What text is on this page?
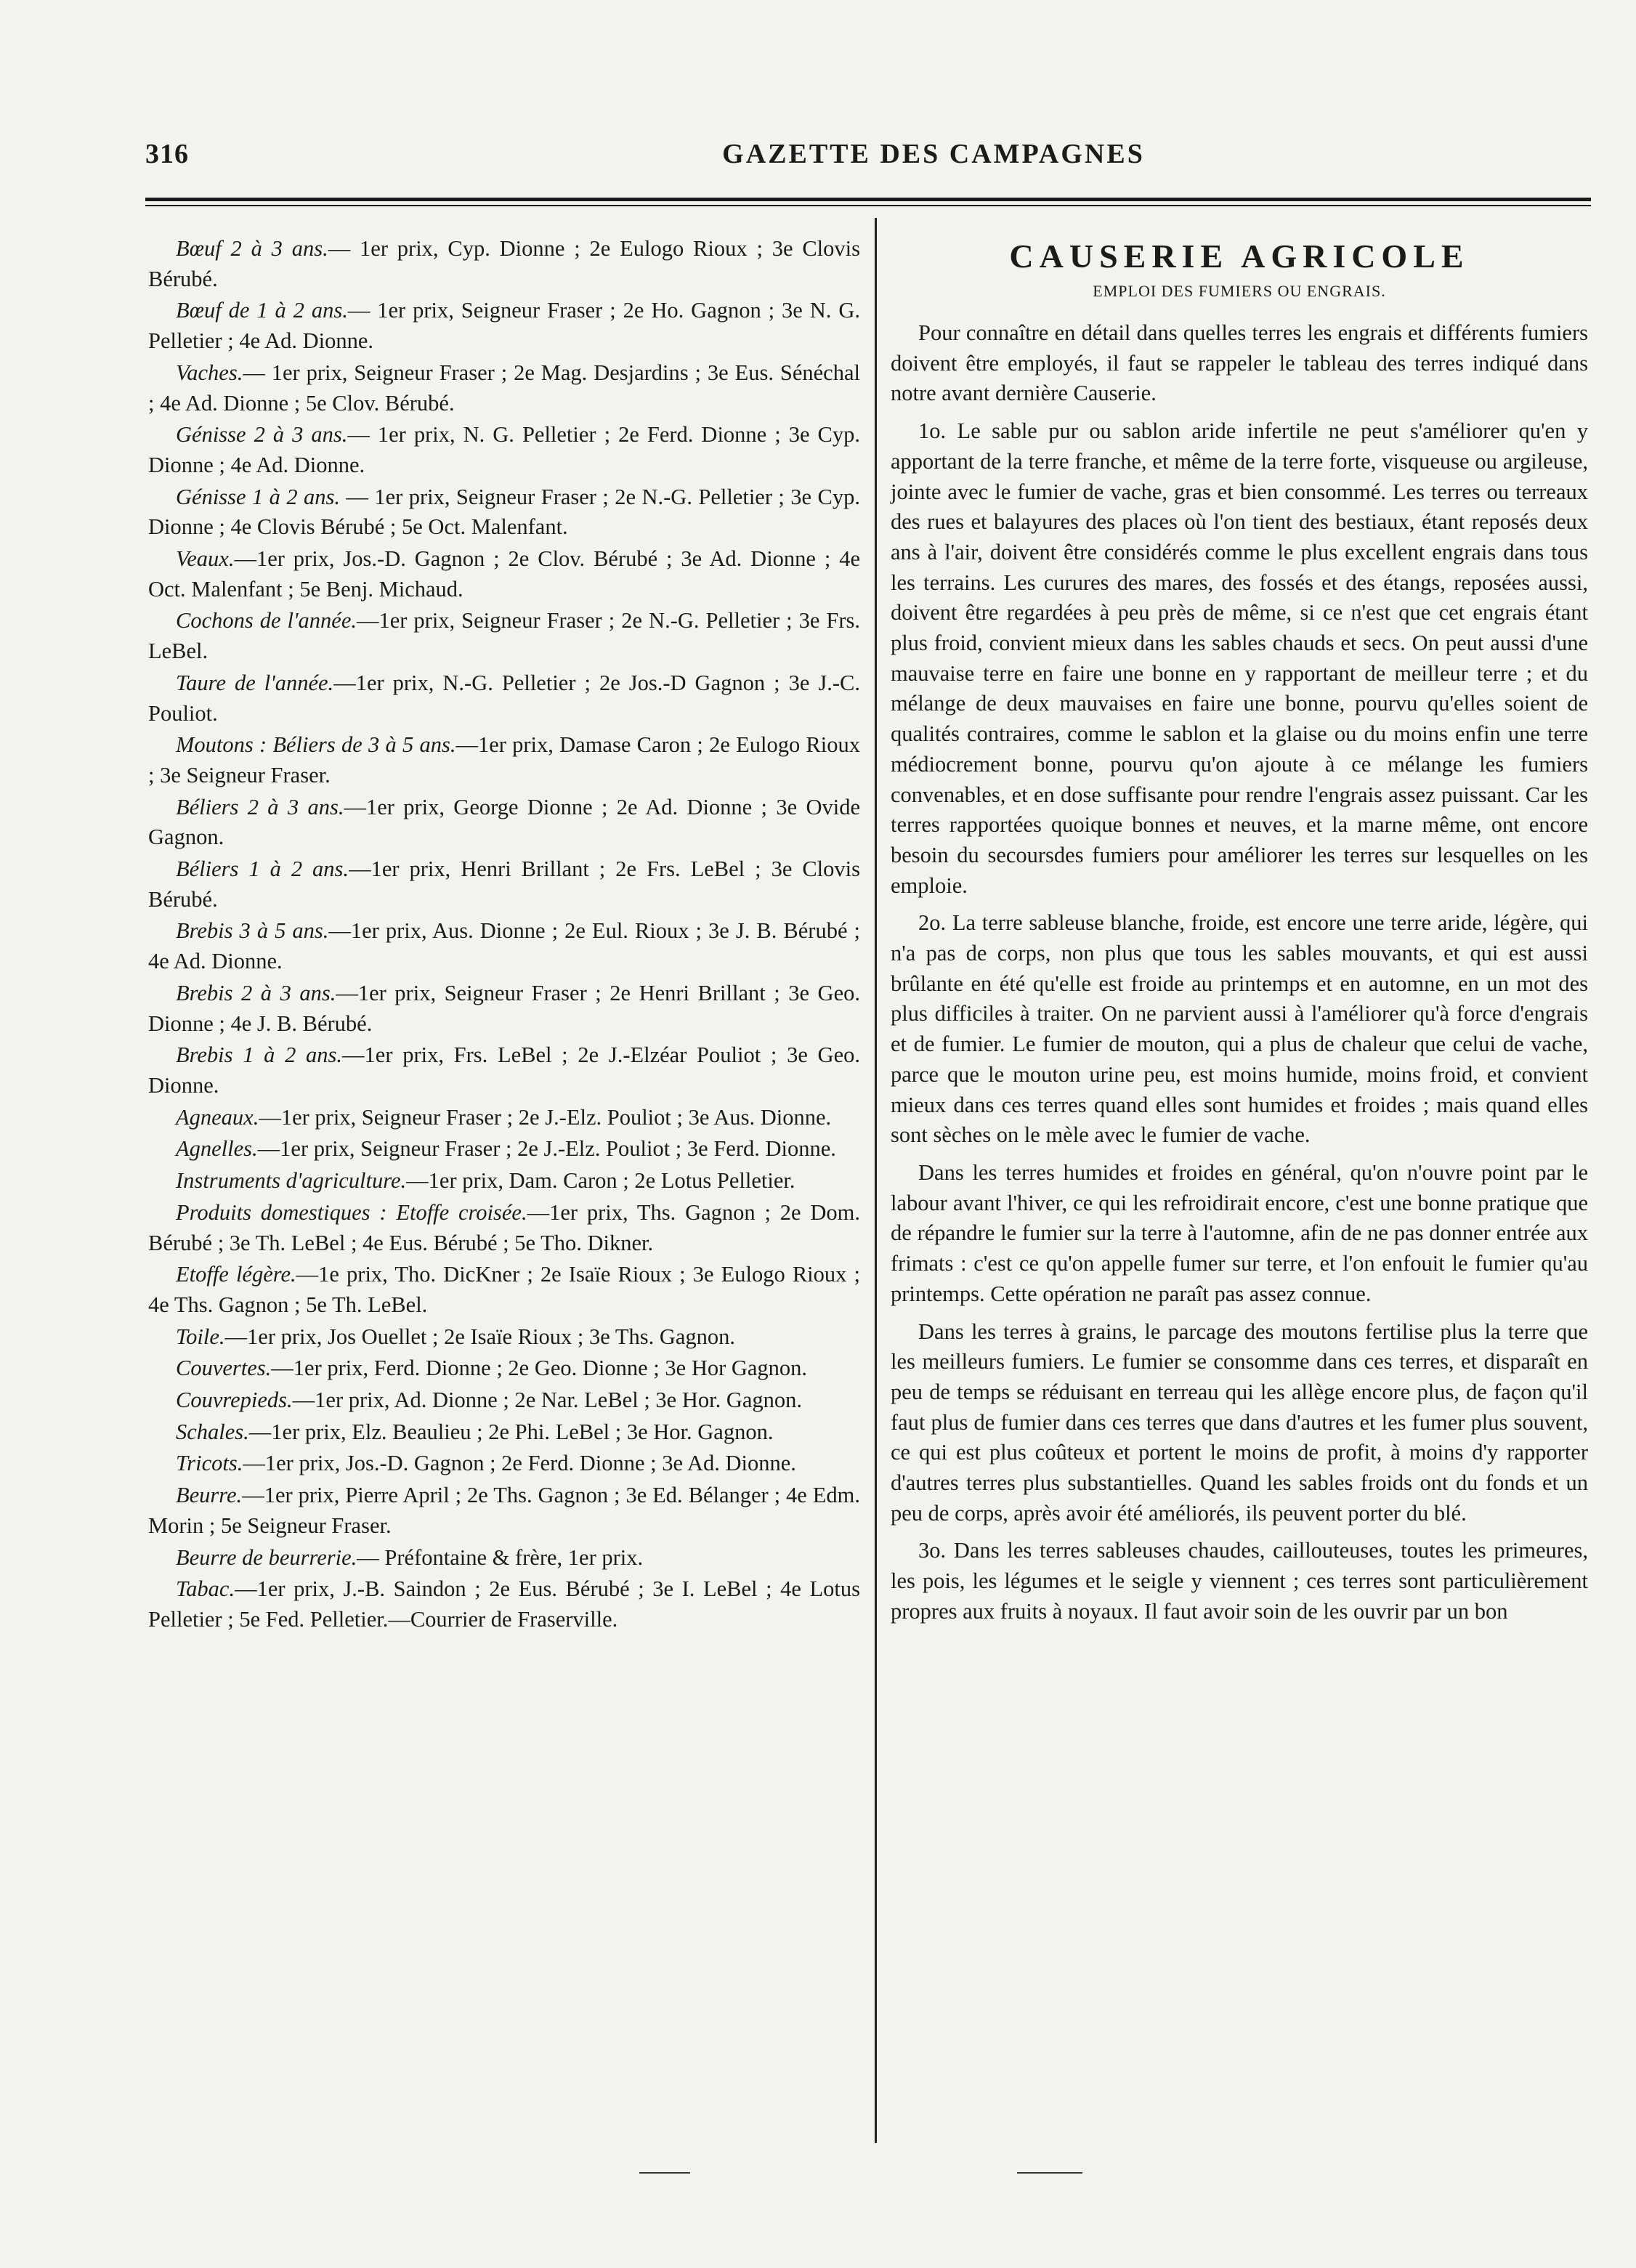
316	GAZETTE DES CAMPAGNES

Bœuf 2 à 3 ans.— 1er prix, Cyp. Dionne ; 2e Eulogo Rioux ; 3e Clovis Bérubé.

Bœuf de 1 à 2 ans.— 1er prix, Seigneur Fraser ; 2e Ho. Gagnon ; 3e N. G. Pelletier ; 4e Ad. Dionne.

Vaches.— 1er prix, Seigneur Fraser ; 2e Mag. Desjardins ; 3e Eus. Sénéchal ; 4e Ad. Dionne ; 5e Clov. Bérubé.

Génisse 2 à 3 ans.— 1er prix, N. G. Pelletier ; 2e Ferd. Dionne ; 3e Cyp. Dionne ; 4e Ad. Dionne.

Génisse 1 à 2 ans. — 1er prix, Seigneur Fraser ; 2e N.-G. Pelletier ; 3e Cyp. Dionne ; 4e Clovis Bérubé ; 5e Oct. Malenfant.

Veaux.—1er prix, Jos.-D. Gagnon ; 2e Clov. Bérubé ; 3e Ad. Dionne ; 4e Oct. Malenfant ; 5e Benj. Michaud.

Cochons de l'année.—1er prix, Seigneur Fraser ; 2e N.-G. Pelletier ; 3e Frs. LeBel.

Taure de l'année.—1er prix, N.-G. Pelletier ; 2e Jos.-D Gagnon ; 3e J.-C. Pouliot.

Moutons : Béliers de 3 à 5 ans.—1er prix, Damase Caron ; 2e Eulogo Rioux ; 3e Seigneur Fraser.

Béliers 2 à 3 ans.—1er prix, George Dionne ; 2e Ad. Dionne ; 3e Ovide Gagnon.

Béliers 1 à 2 ans.—1er prix, Henri Brillant ; 2e Frs. LeBel ; 3e Clovis Bérubé.

Brebis 3 à 5 ans.—1er prix, Aus. Dionne ; 2e Eul. Rioux ; 3e J. B. Bérubé ; 4e Ad. Dionne.

Brebis 2 à 3 ans.—1er prix, Seigneur Fraser ; 2e Henri Brillant ; 3e Geo. Dionne ; 4e J. B. Bérubé.

Brebis 1 à 2 ans.—1er prix, Frs. LeBel ; 2e J.-Elzéar Pouliot ; 3e Geo. Dionne.

Agneaux.—1er prix, Seigneur Fraser ; 2e J.-Elz. Pouliot ; 3e Aus. Dionne.

Agnelles.—1er prix, Seigneur Fraser ; 2e J.-Elz. Pouliot ; 3e Ferd. Dionne.

Instruments d'agriculture.—1er prix, Dam. Caron ; 2e Lotus Pelletier.

Produits domestiques : Etoffe croisée.—1er prix, Ths. Gagnon ; 2e Dom. Bérubé ; 3e Th. LeBel ; 4e Eus. Bérubé ; 5e Tho. Dikner.

Etoffe légère.—1e prix, Tho. DicKner ; 2e Isaïe Rioux ; 3e Eulogo Rioux ; 4e Ths. Gagnon ; 5e Th. LeBel.

Toile.—1er prix, Jos Ouellet ; 2e Isaïe Rioux ; 3e Ths. Gagnon.

Couvertes.—1er prix, Ferd. Dionne ; 2e Geo. Dionne ; 3e Hor Gagnon.

Couvrepieds.—1er prix, Ad. Dionne ; 2e Nar. LeBel ; 3e Hor. Gagnon.

Schales.—1er prix, Elz. Beaulieu ; 2e Phi. LeBel ; 3e Hor. Gagnon.

Tricots.—1er prix, Jos.-D. Gagnon ; 2e Ferd. Dionne ; 3e Ad. Dionne.

Beurre.—1er prix, Pierre April ; 2e Ths. Gagnon ; 3e Ed. Bélanger ; 4e Edm. Morin ; 5e Seigneur Fraser.

Beurre de beurrerie.— Préfontaine & frère, 1er prix.

Tabac.—1er prix, J.-B. Saindon ; 2e Eus. Bérubé ; 3e I. LeBel ; 4e Lotus Pelletier ; 5e Fed. Pelletier.—Courrier de Fraserville.

CAUSERIE AGRICOLE
EMPLOI DES FUMIERS OU ENGRAIS.

Pour connaître en détail dans quelles terres les engrais et différents fumiers doivent être employés, il faut se rappeler le tableau des terres indiqué dans notre avant dernière Causerie.

1o. Le sable pur ou sablon aride infertile ne peut s'améliorer qu'en y apportant de la terre franche, et même de la terre forte, visqueuse ou argileuse, jointe avec le fumier de vache, gras et bien consommé. Les terres ou terreaux des rues et balayures des places où l'on tient des bestiaux, étant reposés deux ans à l'air, doivent être considérés comme le plus excellent engrais dans tous les terrains. Les curures des mares, des fossés et des étangs, reposées aussi, doivent être regardées à peu près de même, si ce n'est que cet engrais étant plus froid, convient mieux dans les sables chauds et secs. On peut aussi d'une mauvaise terre en faire une bonne en y rapportant de meilleur terre ; et du mélange de deux mauvaises en faire une bonne, pourvu qu'elles soient de qualités contraires, comme le sablon et la glaise ou du moins enfin une terre médiocrement bonne, pourvu qu'on ajoute à ce mélange les fumiers convenables, et en dose suffisante pour rendre l'engrais assez puissant. Car les terres rapportées quoique bonnes et neuves, et la marne même, ont encore besoin du secoursdes fumiers pour améliorer les terres sur lesquelles on les emploie.

2o. La terre sableuse blanche, froide, est encore une terre aride, légère, qui n'a pas de corps, non plus que tous les sables mouvants, et qui est aussi brûlante en été qu'elle est froide au printemps et en automne, en un mot des plus difficiles à traiter. On ne parvient aussi à l'améliorer qu'à force d'engrais et de fumier. Le fumier de mouton, qui a plus de chaleur que celui de vache, parce que le mouton urine peu, est moins humide, moins froid, et convient mieux dans ces terres quand elles sont humides et froides ; mais quand elles sont sèches on le mèle avec le fumier de vache.

Dans les terres humides et froides en général, qu'on n'ouvre point par le labour avant l'hiver, ce qui les refroidirait encore, c'est une bonne pratique que de répandre le fumier sur la terre à l'automne, afin de ne pas donner entrée aux frimats : c'est ce qu'on appelle fumer sur terre, et l'on enfouit le fumier qu'au printemps. Cette opération ne paraît pas assez connue.

Dans les terres à grains, le parcage des moutons fertilise plus la terre que les meilleurs fumiers. Le fumier se consomme dans ces terres, et disparaît en peu de temps se réduisant en terreau qui les allège encore plus, de façon qu'il faut plus de fumier dans ces terres que dans d'autres et les fumer plus souvent, ce qui est plus coûteux et portent le moins de profit, à moins d'y rapporter d'autres terres plus substantielles. Quand les sables froids ont du fonds et un peu de corps, après avoir été améliorés, ils peuvent porter du blé.

3o. Dans les terres sableuses chaudes, caillouteuses, toutes les primeures, les pois, les légumes et le seigle y viennent ; ces terres sont particulièrement propres aux fruits à noyaux. Il faut avoir soin de les ouvrir par un bon
